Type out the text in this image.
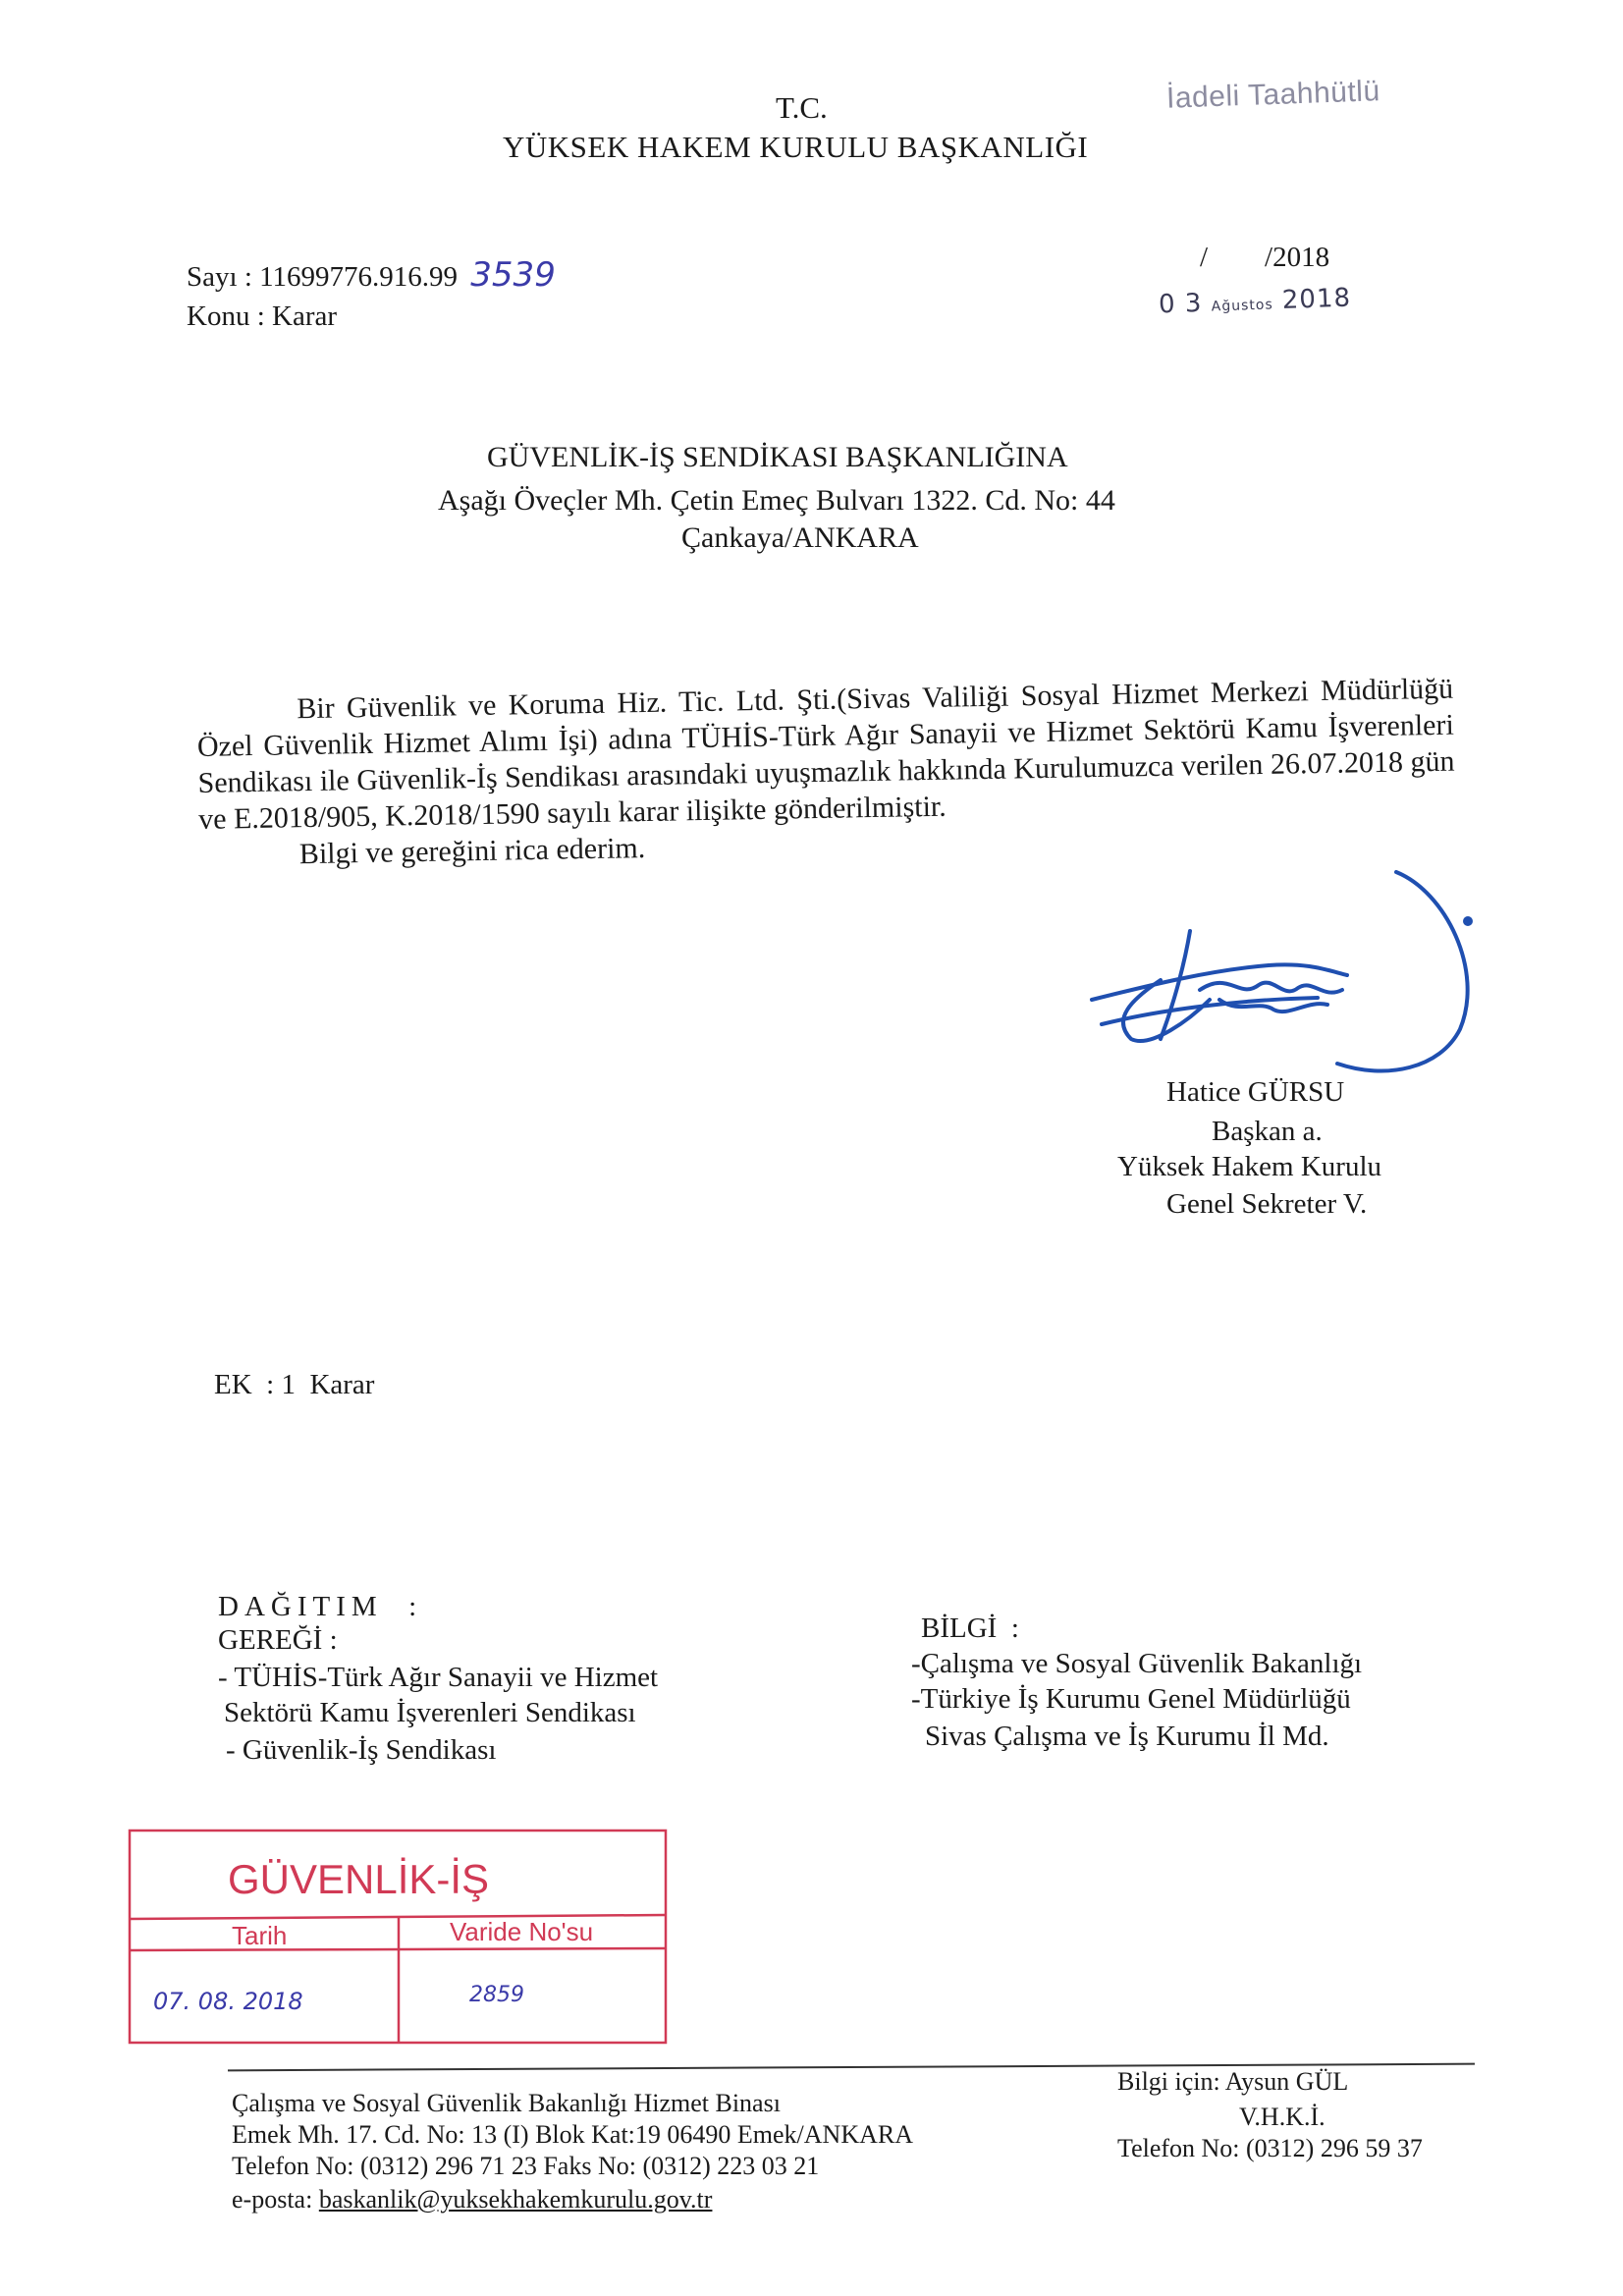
T.C.
YÜKSEK HAKEM KURULU BAŞKANLIĞI
İadeli Taahhütlü
Sayı : 11699776.916.99 3539
Konu : Karar
/        /2018
0 3 Ağustos 2018
GÜVENLİK-İŞ SENDİKASI BAŞKANLIĞINA
Aşağı Öveçler Mh. Çetin Emeç Bulvarı 1322. Cd. No: 44
Çankaya/ANKARA

Bir Güvenlik ve Koruma Hiz. Tic. Ltd. Şti.(Sivas Valiliği Sosyal Hizmet Merkezi Müdürlüğü Özel Güvenlik Hizmet Alımı İşi) adına TÜHİS-Türk Ağır Sanayii ve Hizmet Sektörü Kamu İşverenleri Sendikası ile Güvenlik-İş Sendikası arasındaki uyuşmazlık hakkında Kurulumuzca verilen 26.07.2018 gün ve E.2018/905, K.2018/1590 sayılı karar ilişikte gönderilmiştir.

Bilgi ve gereğini rica ederim.

Hatice GÜRSU
Başkan a.
Yüksek Hakem Kurulu
Genel Sekreter V.
EK  : 1  Karar
DAĞITIM  :
GEREĞİ :
- TÜHİS-Türk Ağır Sanayii ve Hizmet
Sektörü Kamu İşverenleri Sendikası
- Güvenlik-İş Sendikası
BİLGİ  :
-Çalışma ve Sosyal Güvenlik Bakanlığı
-Türkiye İş Kurumu Genel Müdürlüğü
Sivas Çalışma ve İş Kurumu İl Md.
GÜVENLİK-İŞ
Tarih	Varide No'su
07. 08. 2018	2859
Çalışma ve Sosyal Güvenlik Bakanlığı Hizmet Binası
Emek Mh. 17. Cd. No: 13 (I) Blok Kat:19 06490 Emek/ANKARA
Telefon No: (0312) 296 71 23 Faks No: (0312) 223 03 21
e-posta: baskanlik@yuksekhakemkurulu.gov.tr
Bilgi için: Aysun GÜL
V.H.K.İ.
Telefon No: (0312) 296 59 37
